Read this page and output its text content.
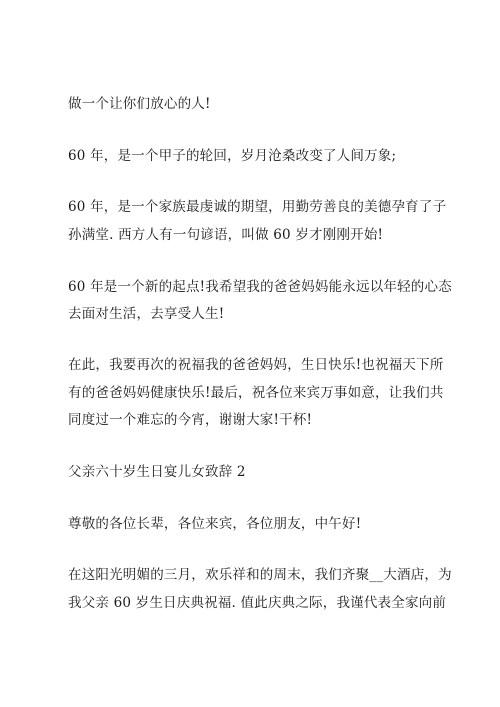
做一个让你们放心的人!
60 年，是一个甲子的轮回，岁月沧桑改变了人间万象;
60 年，是一个家族最虔诚的期望，用勤劳善良的美德孕育了子
孙满堂. 西方人有一句谚语，叫做 60 岁才刚刚开始!
60 年是一个新的起点!我希望我的爸爸妈妈能永远以年轻的心态
去面对生活，去享受人生!
在此，我要再次的祝福我的爸爸妈妈，生日快乐!也祝福天下所
有的爸爸妈妈健康快乐!最后，祝各位来宾万事如意，让我们共
同度过一个难忘的今宵，谢谢大家!干杯!
父亲六十岁生日宴儿女致辞 2
尊敬的各位长辈，各位来宾，各位朋友，中午好!
在这阳光明媚的三月，欢乐祥和的周末，我们齐聚__大酒店，为
我父亲 60 岁生日庆典祝福. 值此庆典之际，我谨代表全家向前
